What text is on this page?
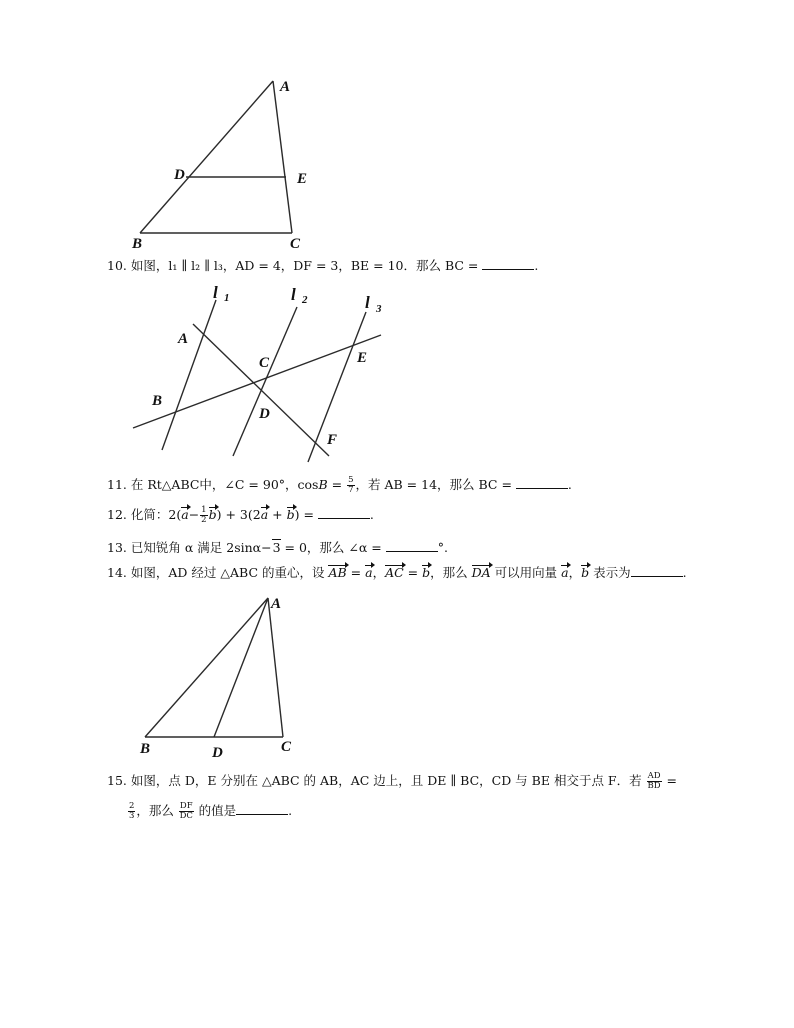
A
D	E
B	C
10. 如图，l₁ ∥ l₂ ∥ l₃，AD = 4，DF = 3，BE = 10．那么 BC =	.
l 1	l 2	l 3
A
B
C
D
E
F
11. 在 Rt△ABC中，∠C = 90°，$\cos B = \frac{5}{7}$ ，若 AB = 14，那么 BC =	.
12. 化简：$2(a- \frac{1}{2} b) + 3(2a + b)$ =	.
13. 已知锐角 α 满足 2sinα−3 = 0，那么 ∠α =	°.
14. 如图，AD 经过 △ABC 的重心，设 AB = a，AC = b，那么 DA 可以用向量 a，b 表示为	.
A
B	D	C
15. 如图，点 D，E 分别在 △ABC 的 AB，AC 边上，且 DE ∥ BC，CD 与 BE 相交于点 F．若 $\frac{AD}{BD}$ =
$\frac{2}{3}$ ，那么 $\frac{DF}{DC}$ 的值是	.
